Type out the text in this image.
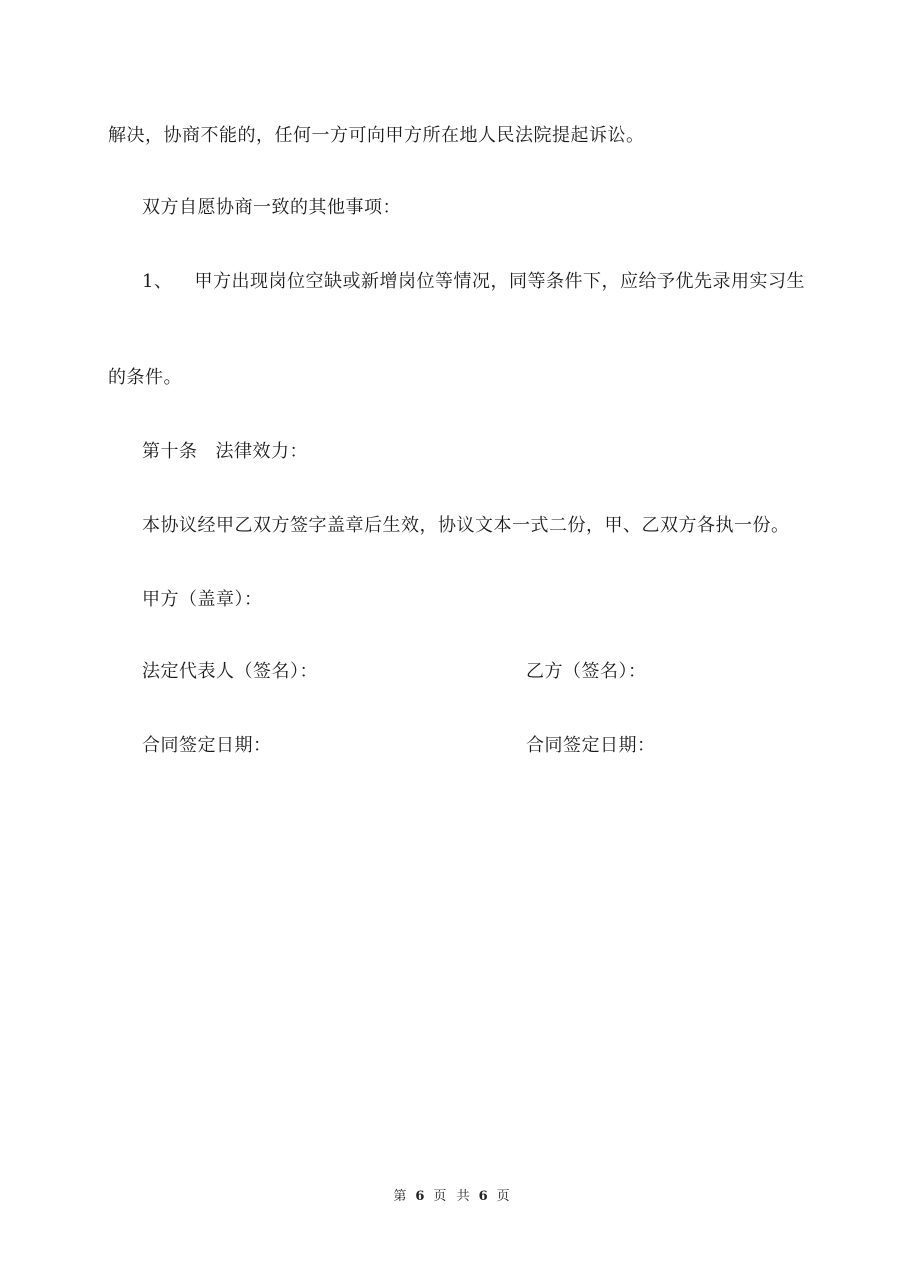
解决，协商不能的，任何一方可向甲方所在地人民法院提起诉讼。
双方自愿协商一致的其他事项：
1、 甲方出现岗位空缺或新增岗位等情况，同等条件下，应给予优先录用实习生
的条件。
第十条 法律效力：
本协议经甲乙双方签字盖章后生效，协议文本一式二份，甲、乙双方各执一份。
甲方（盖章）：
法定代表人（签名）：	乙方（签名）：
合同签定日期：	合同签定日期：
第 6 页 共 6 页
